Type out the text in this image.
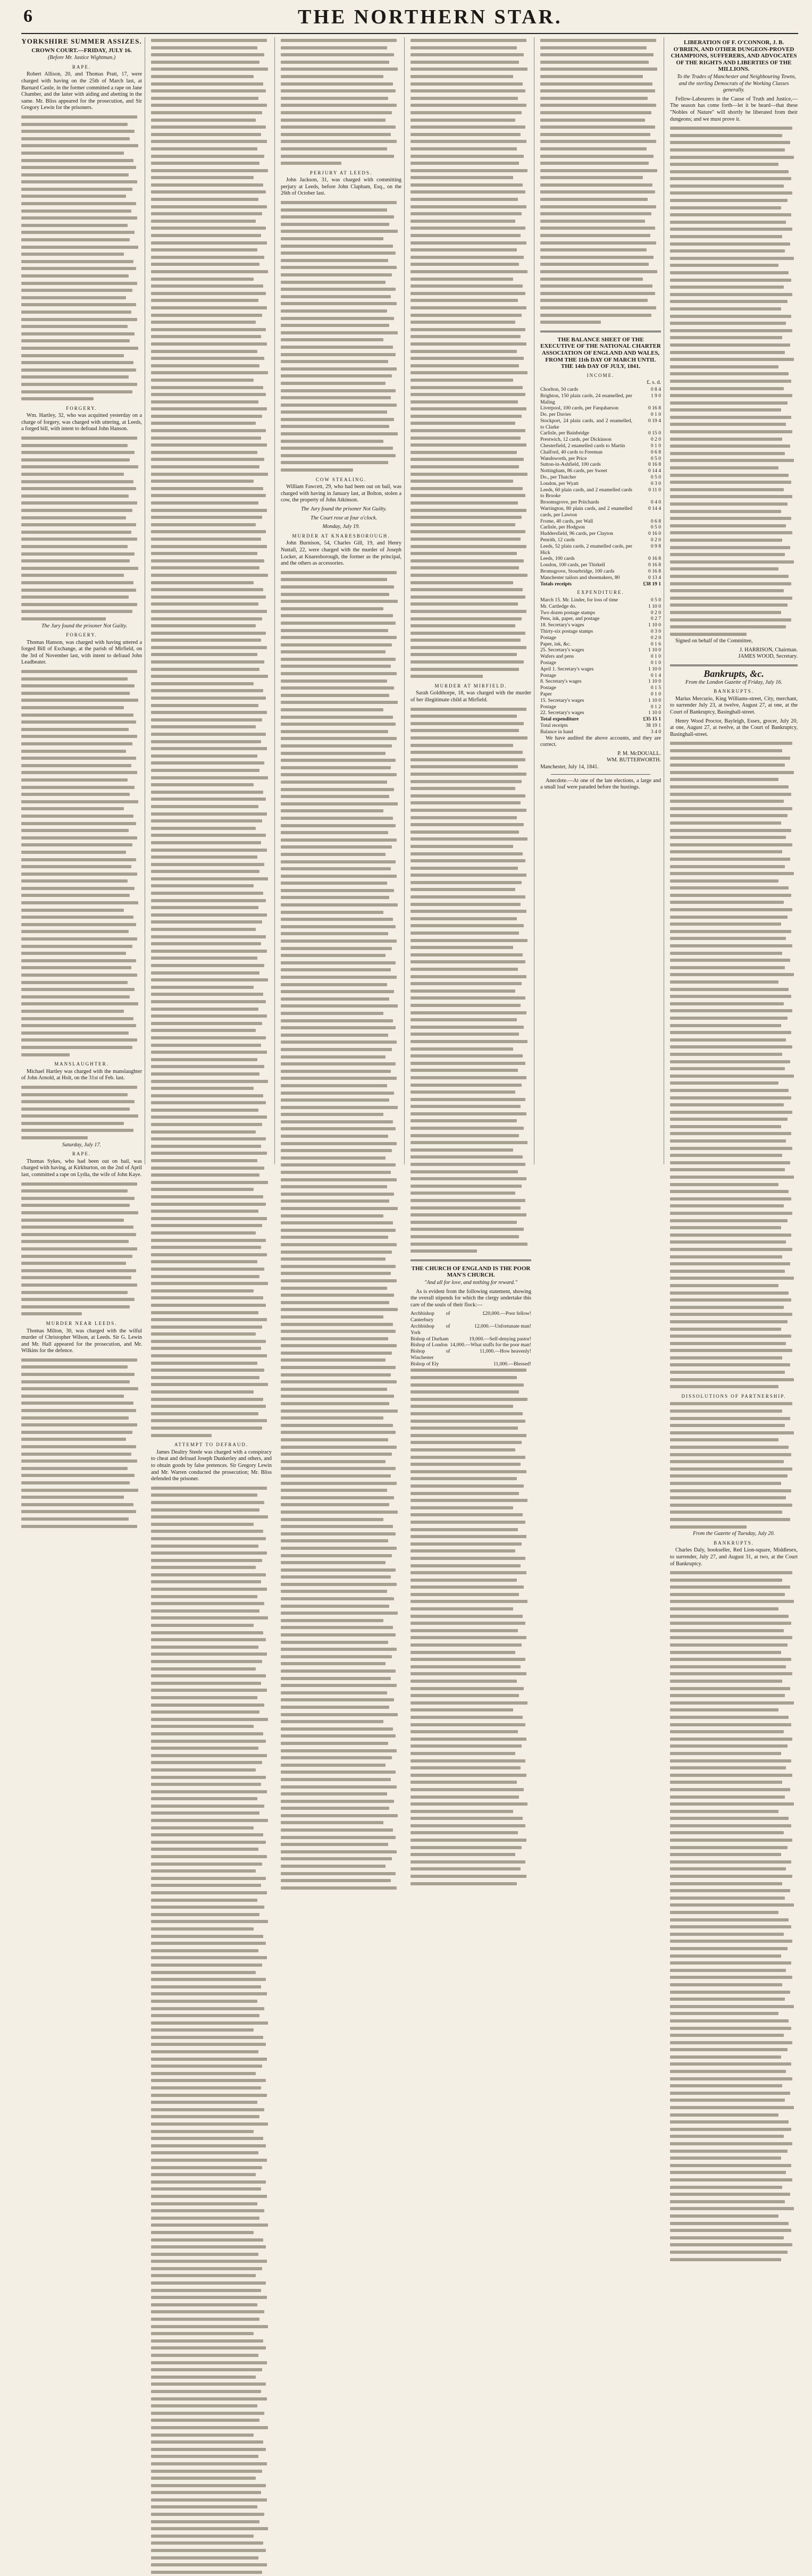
6	THE NORTHERN STAR.
YORKSHIRE SUMMER ASSIZES.
CROWN COURT.—FRIDAY, JULY 16.
(Before Mr. Justice Wightman.)
RAPE.

Robert Allison, 20, and Thomas Pratt, 17, were charged with having on the 25th of March last, at Barnard Castle, in the former committed a rape on Jane Chamber, and the latter with aiding and abetting in the same. Mr. Bliss appeared for the prosecution, and Sir Gregory Lewin for the prisoners.

FORGERY.

Wm. Hartley, 32, who was acquitted yesterday on a charge of forgery, was charged with uttering, at Leeds, a forged bill, with intent to defraud John Hanson.

The Jury found the prisoner Not Guilty.

FORGERY.

Thomas Hanson, was charged with having uttered a forged Bill of Exchange, at the parish of Mirfield, on the 3rd of November last, with intent to defraud John Leadbeater.

MANSLAUGHTER.

Michael Hartley was charged with the manslaughter of John Arnold, at Holt, on the 31st of Feb. last.

Saturday, July 17.
RAPE.

Thomas Sykes, who had been out on bail, was charged with having, at Kirkburton, on the 2nd of April last, committed a rape on Lydia, the wife of John Kaye.

MURDER NEAR LEEDS.

Thomas Milton, 30, was charged with the wilful murder of Christopher Wilson, at Leeds. Sir G. Lewin and Mr. Hall appeared for the prosecution, and Mr. Wilkins for the defence.

ATTEMPT TO DEFRAUD.

James Dealtry Steele was charged with a conspiracy to cheat and defraud Joseph Dunkerley and others, and to obtain goods by false pretences. Sir Gregory Lewin and Mr. Warren conducted the prosecution; Mr. Bliss defended the prisoner.

PERJURY AT LEEDS.

John Jackson, 31, was charged with committing perjury at Leeds, before John Clapham, Esq., on the 26th of October last.

COW STEALING.

William Fawcett, 29, who had been out on bail, was charged with having in January last, at Bolton, stolen a cow, the property of John Atkinson.

The Jury found the prisoner Not Guilty.

The Court rose at four o'clock.

Monday, July 19.
MURDER AT KNARESBOROUGH.

John Burnison, 54, Charles Gill, 19, and Henry Nuttall, 22, were charged with the murder of Joseph Locker, at Knaresborough, the former as the principal, and the others as accessories.

MURDER AT MIRFIELD.

Sarah Goldthorpe, 18, was charged with the murder of her illegitimate child at Mirfield.

THE CHURCH OF ENGLAND IS THE POOR MAN'S CHURCH.
"And all for love, and nothing for reward."

As is evident from the following statement, showing the overall stipends for which the clergy undertake this care of the souls of their flock:—

Archbishop of Canterbury	£20,000.—Poor fellow!
Archbishop of York	12,000.—Unfortunate man!
Bishop of Durham	19,000.—Self-denying pastor!
Bishop of London	14,000.—What stuffs for the poor man!
Bishop of Winchester	11,000.—How heavenly!
Bishop of Ely	11,000.—Blessed!
THE BALANCE SHEET OF THE EXECUTIVE OF THE NATIONAL CHARTER ASSOCIATION OF ENGLAND AND WALES, FROM THE 11th DAY OF MARCH UNTIL THE 14th DAY OF JULY, 1841.
INCOME.
£. s. d.
Chorlton, 50 cards	0 8 4
Brighton, 150 plain cards, 24 enamelled, per Maling	1 9 0
Liverpool, 100 cards, per Farquharson	0 16 8
Do. per Davies	0 1 0
Stockport, 24 plain cards, and 2 enamelled, to Clarke	0 19 4
Carlisle, per Bainbridge	0 15 0
Prestwich, 12 cards, per Dickinson	0 2 0
Chesterfield, 2 enamelled cards to Martin	0 1 0
Chalford, 40 cards to Freeman	0 6 8
Wandsworth, per Price	0 5 0
Sutton-in-Ashfield, 100 cards	0 16 8
Nottingham, 86 cards, per Sweet	0 14 4
Do., per Thatcher	0 5 0
London, per Wyatt	0 3 0
Leeds, 60 plain cards, and 2 enamelled cards to Brooke	0 11 0
Broomsgrove, per Pritchards	0 4 0
Warrington, 80 plain cards, and 2 enamelled cards, per Lawton	0 14 4
Frome, 40 cards, per Wall	0 6 8
Carlisle, per Hodgson	0 5 0
Huddersfield, 96 cards, per Clayton	0 16 0
Penrith, 12 cards	0 2 0
Leeds, 52 plain cards, 2 enamelled cards, per Hick	0 9 8
Leeds, 100 cards	0 16 8
London, 100 cards, per Thirkell	0 16 8
Bromsgrove, Stourbridge, 100 cards	0 16 8
Manchester tailors and shoemakers, 80	0 13 4
Totals receipts	£38 19 1
EXPENDITURE.
March 15. Mr. Linder, for loss of time	0 5 0
Mr. Cartledge do.	1 10 0
Two dozen postage stamps	0 2 0
Pens, ink, paper, and postage	0 2 7
18. Secretary's wages	1 10 0
Thirty-six postage stamps	0 3 0
Postage	0 2 0
Paper, ink, &c.	0 1 6
25. Secretary's wages	1 10 0
Wafers and pens	0 1 0
Postage	0 1 0
April 1. Secretary's wages	1 10 0
Postage	0 1 4
8. Secretary's wages	1 10 0
Postage	0 1 5
Paper	0 1 0
15. Secretary's wages	1 10 0
Postage	0 1 2
22. Secretary's wages	1 10 0
Total expenditure	£35 15 1
Total receipts	38 19 1
Balance in hand	3 4 0

We have audited the above accounts, and they are correct.

P. M. McDOUALL.
WM. BUTTERWORTH.
Manchester, July 14, 1841.

Anecdote.—At one of the late elections, a large and a small loaf were paraded before the hustings.

LIBERATION OF F. O'CONNOR, J. B. O'BRIEN, AND OTHER DUNGEON-PROVED CHAMPIONS, SUFFERERS, AND ADVOCATES OF THE RIGHTS AND LIBERTIES OF THE MILLIONS.

To the Trades of Manchester and Neighbouring Towns, and the sterling Democrats of the Working Classes generally.

Fellow-Labourers in the Cause of Truth and Justice,—The season has come forth—let it be heard—that these "Nobles of Nature" will shortly be liberated from their dungeons; and we must prove it.

Signed on behalf of the Committee,

J. HARRISON, Chairman.
JAMES WOOD, Secretary.
Bankrupts, &c.
From the London Gazette of Friday, July 16.
BANKRUPTS.

Marius Mercurio, King Williams-street, City, merchant, to surrender July 23, at twelve, August 27, at one, at the Court of Bankruptcy, Basinghall-street.

Henry Wood Proctor, Bayleigh, Essex, grocer, July 20, at one, August 27, at twelve, at the Court of Bankruptcy, Basinghall-street.

DISSOLUTIONS OF PARTNERSHIP.
From the Gazette of Tuesday, July 20.
BANKRUPTS.

Charles Daly, bookseller, Red Lion-square, Middlesex, to surrender, July 27, and August 31, at two, at the Court of Bankruptcy.
